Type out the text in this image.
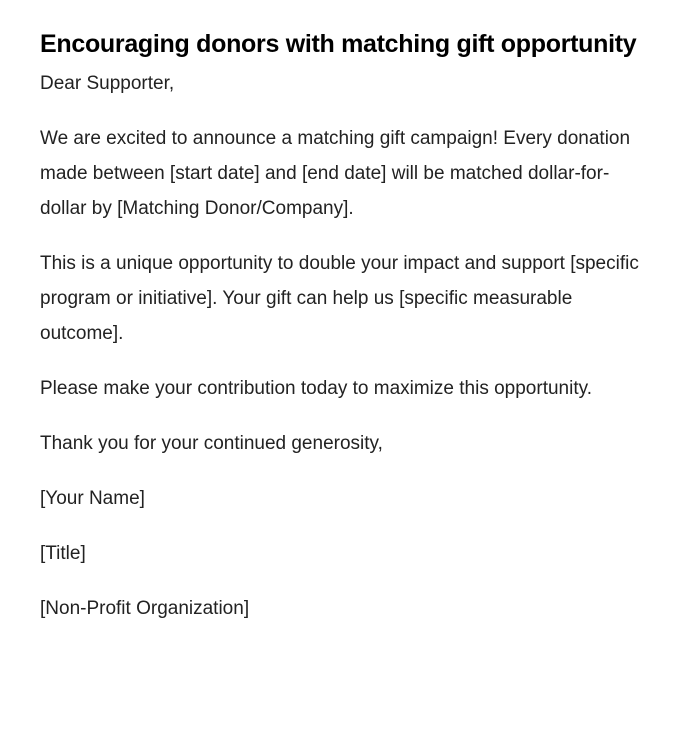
Encouraging donors with matching gift opportunity

Dear Supporter,

We are excited to announce a matching gift campaign! Every donation made between [start date] and [end date] will be matched dollar-for-dollar by [Matching Donor/Company].

This is a unique opportunity to double your impact and support [specific program or initiative]. Your gift can help us [specific measurable outcome].

Please make your contribution today to maximize this opportunity.

Thank you for your continued generosity,

[Your Name]

[Title]

[Non-Profit Organization]
